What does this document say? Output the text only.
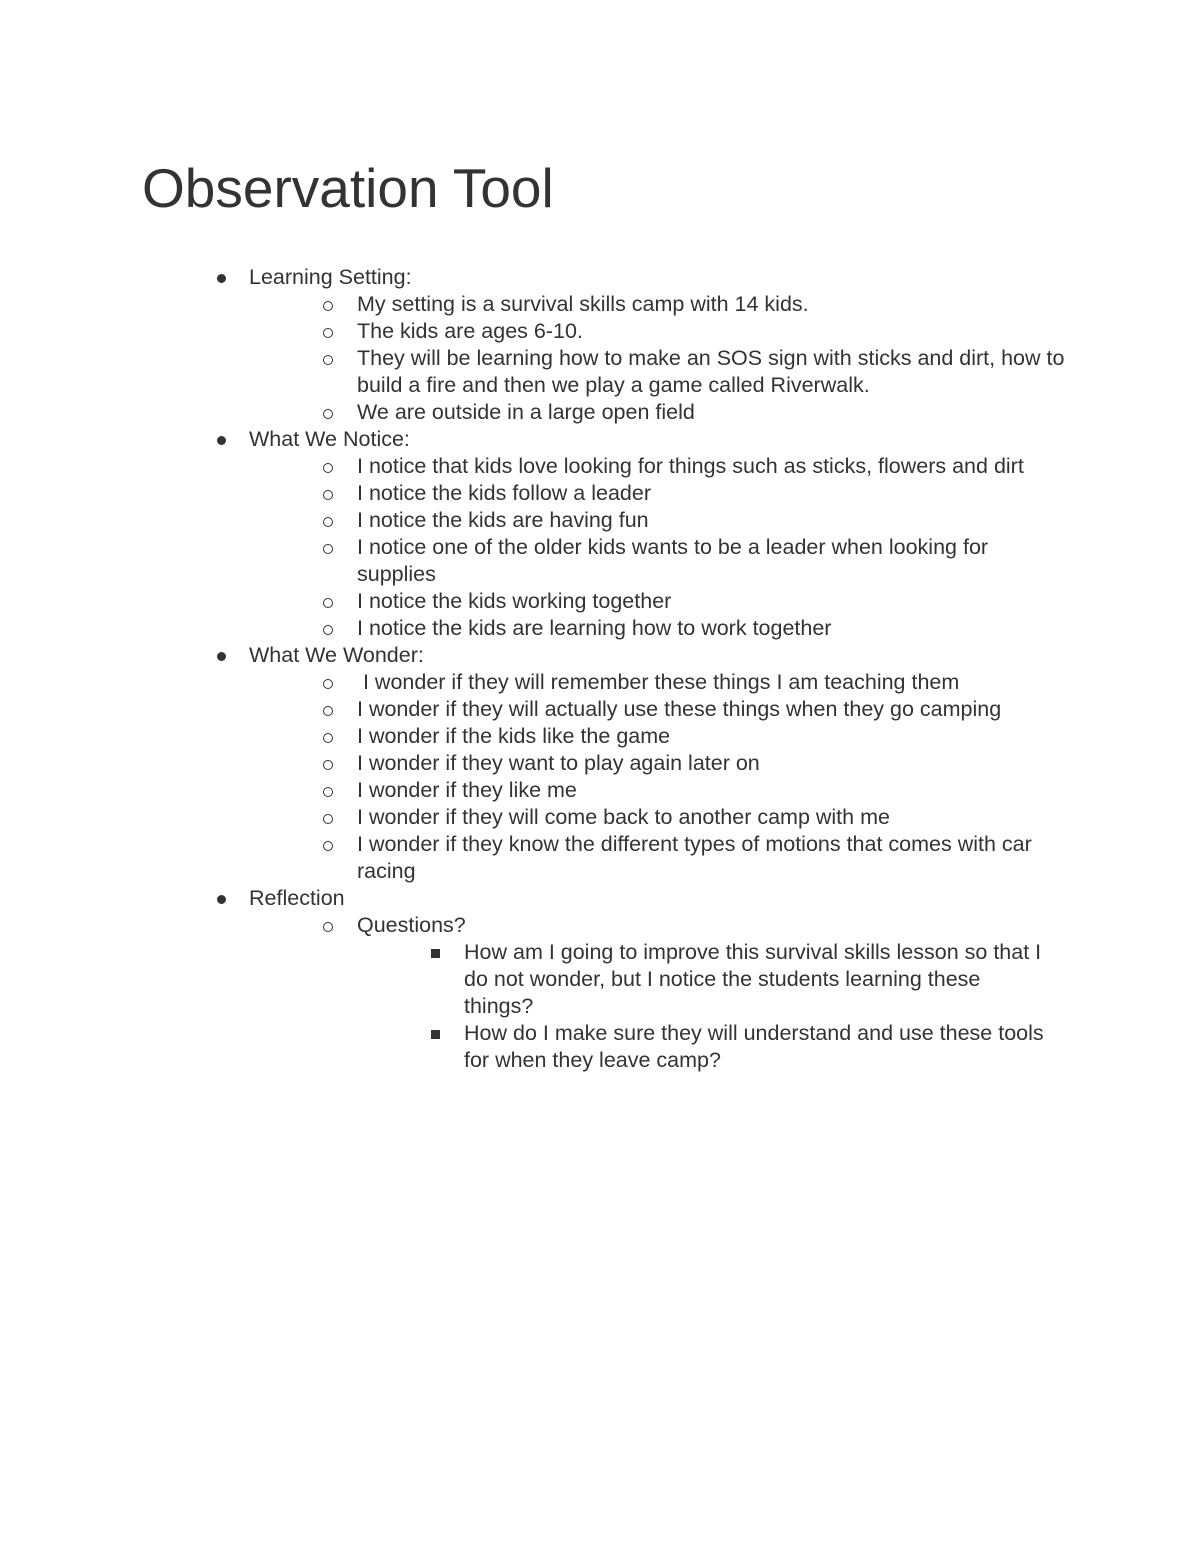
Observation Tool
Learning Setting:
My setting is a survival skills camp with 14 kids.
The kids are ages 6-10.
They will be learning how to make an SOS sign with sticks and dirt, how to build a fire and then we play a game called Riverwalk.
We are outside in a large open field
What We Notice:
I notice that kids love looking for things such as sticks, flowers and dirt
I notice the kids follow a leader
I notice the kids are having fun
I notice one of the older kids wants to be a leader when looking for supplies
I notice the kids working together
I notice the kids are learning how to work together
What We Wonder:
I wonder if they will remember these things I am teaching them
I wonder if they will actually use these things when they go camping
I wonder if the kids like the game
I wonder if they want to play again later on
I wonder if they like me
I wonder if they will come back to another camp with me
I wonder if they know the different types of motions that comes with car racing
Reflection
Questions?
How am I going to improve this survival skills lesson so that I do not wonder, but I notice the students learning these things?
How do I make sure they will understand and use these tools for when they leave camp?
